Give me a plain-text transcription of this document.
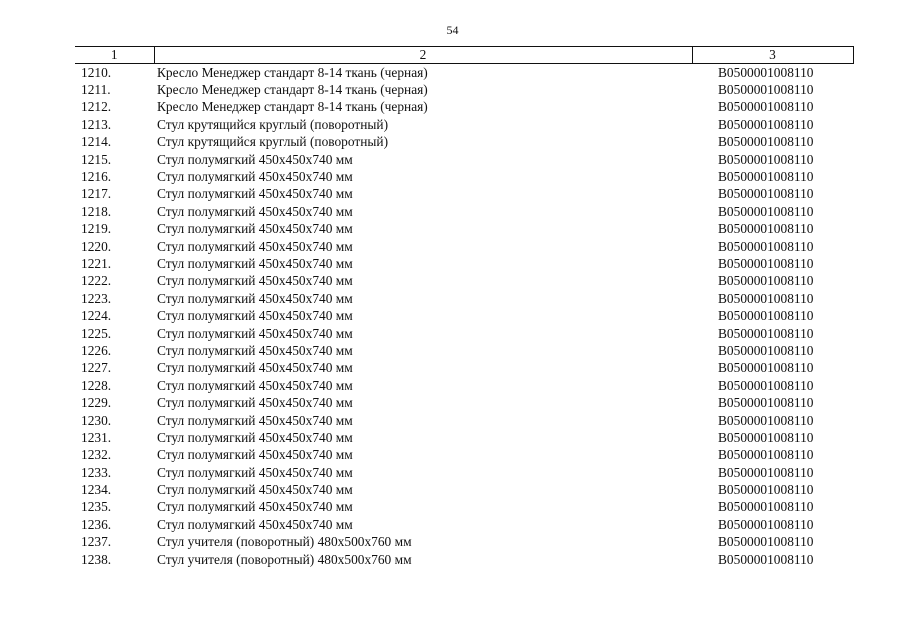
54
1	2	3
1210.	Кресло Менеджер стандарт 8-14 ткань (черная)	B0500001008110
1211.	Кресло Менеджер стандарт 8-14 ткань (черная)	B0500001008110
1212.	Кресло Менеджер стандарт 8-14 ткань (черная)	B0500001008110
1213.	Стул крутящийся круглый (поворотный)	B0500001008110
1214.	Стул крутящийся круглый (поворотный)	B0500001008110
1215.	Стул полумягкий 450х450х740 мм	B0500001008110
1216.	Стул полумягкий 450х450х740 мм	B0500001008110
1217.	Стул полумягкий 450х450х740 мм	B0500001008110
1218.	Стул полумягкий 450х450х740 мм	B0500001008110
1219.	Стул полумягкий 450х450х740 мм	B0500001008110
1220.	Стул полумягкий 450х450х740 мм	B0500001008110
1221.	Стул полумягкий 450х450х740 мм	B0500001008110
1222.	Стул полумягкий 450х450х740 мм	B0500001008110
1223.	Стул полумягкий 450х450х740 мм	B0500001008110
1224.	Стул полумягкий 450х450х740 мм	B0500001008110
1225.	Стул полумягкий 450х450х740 мм	B0500001008110
1226.	Стул полумягкий 450х450х740 мм	B0500001008110
1227.	Стул полумягкий 450х450х740 мм	B0500001008110
1228.	Стул полумягкий 450х450х740 мм	B0500001008110
1229.	Стул полумягкий 450х450х740 мм	B0500001008110
1230.	Стул полумягкий 450х450х740 мм	B0500001008110
1231.	Стул полумягкий 450х450х740 мм	B0500001008110
1232.	Стул полумягкий 450х450х740 мм	B0500001008110
1233.	Стул полумягкий 450х450х740 мм	B0500001008110
1234.	Стул полумягкий 450х450х740 мм	B0500001008110
1235.	Стул полумягкий 450х450х740 мм	B0500001008110
1236.	Стул полумягкий 450х450х740 мм	B0500001008110
1237.	Стул учителя (поворотный) 480х500х760 мм	B0500001008110
1238.	Стул учителя (поворотный) 480х500х760 мм	B0500001008110
